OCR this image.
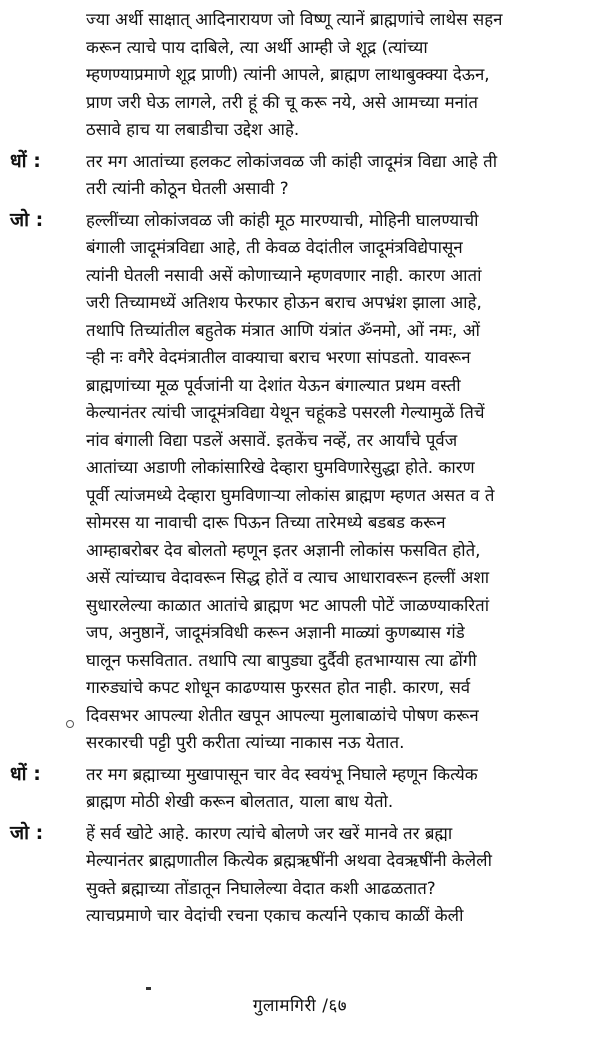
ज्या अर्थी साक्षात् आदिनारायण जो विष्णू त्यानें ब्राह्मणांचे लाथेस सहन
करून त्याचे पाय दाबिले, त्या अर्थी आम्ही जे शूद्र (त्यांच्या
म्हणण्याप्रमाणे शूद्र प्राणी) त्यांनी आपले, ब्राह्मण लाथाबुक्क्या देऊन,
प्राण जरी घेऊ लागले, तरी हूं की चू करू नये, असे आमच्या मनांत
ठसावे हाच या लबाडीचा उद्देश आहे.
धों :	तर मग आतांच्या हलकट लोकांजवळ जी कांही जादूमंत्र विद्या आहे ती
तरी त्यांनी कोठून घेतली असावी ?
जो :	हल्लींच्या लोकांजवळ जी कांही मूठ मारण्याची, मोहिनी घालण्याची
बंगाली जादूमंत्रविद्या आहे, ती केवळ वेदांतील जादूमंत्रविद्येपासून
त्यांनी घेतली नसावी असें कोणाच्याने म्हणवणार नाही. कारण आतां
जरी तिच्यामध्यें अतिशय फेरफार होऊन बराच अपभ्रंश झाला आहे,
तथापि तिच्यांतील बहुतेक मंत्रात आणि यंत्रांत ॐनमो, ओं नमः, ओं
ऱ्ही नः वगैरे वेदमंत्रातील वाक्याचा बराच भरणा सांपडतो. यावरून
ब्राह्मणांच्या मूळ पूर्वजांनी या देशांत येऊन बंगाल्यात प्रथम वस्ती
केल्यानंतर त्यांची जादूमंत्रविद्या येथून चहूंकडे पसरली गेल्यामुळें तिचें
नांव बंगाली विद्या पडलें असावें. इतकेंच नव्हें, तर आर्यांचे पूर्वज
आतांच्या अडाणी लोकांसारिखे देव्हारा घुमविणारेसुद्धा होते. कारण
पूर्वी त्यांजमध्ये देव्हारा घुमविणाऱ्या लोकांस ब्राह्मण म्हणत असत व ते
सोमरस या नावाची दारू पिऊन तिच्या तारेमध्ये बडबड करून
आम्हाबरोबर देव बोलतो म्हणून इतर अज्ञानी लोकांस फसवित होते,
असें त्यांच्याच वेदावरून सिद्ध होतें व त्याच आधारावरून हल्लीं अशा
सुधारलेल्या काळात आतांचे ब्राह्मण भट आपली पोटें जाळण्याकरितां
जप, अनुष्ठानें, जादूमंत्रविधी करून अज्ञानी माळ्यां कुणब्यास गंडे
घालून फसवितात. तथापि त्या बापुड्या दुर्दैवी हतभाग्यास त्या ढोंगी
गारुड्यांचे कपट शोधून काढण्यास फुरसत होत नाही. कारण, सर्व
दिवसभर आपल्या शेतीत खपून आपल्या मुलाबाळांचे पोषण करून
सरकारची पट्टी पुरी करीता त्यांच्या नाकास नऊ येतात.
धों :	तर मग ब्रह्माच्या मुखापासून चार वेद स्वयंभू निघाले म्हणून कित्येक
ब्राह्मण मोठी शेखी करून बोलतात, याला बाध येतो.
जो :	हें सर्व खोटे आहे. कारण त्यांचे बोलणे जर खरें मानवे तर ब्रह्मा
मेल्यानंतर ब्राह्मणातील कित्येक ब्रह्मऋषींनी अथवा देवऋषींनी केलेली
सुक्ते ब्रह्माच्या तोंडातून निघालेल्या वेदात कशी आढळतात?
त्याचप्रमाणे चार वेदांची रचना एकाच कर्त्याने एकाच काळीं केली
गुलामगिरी /६७
